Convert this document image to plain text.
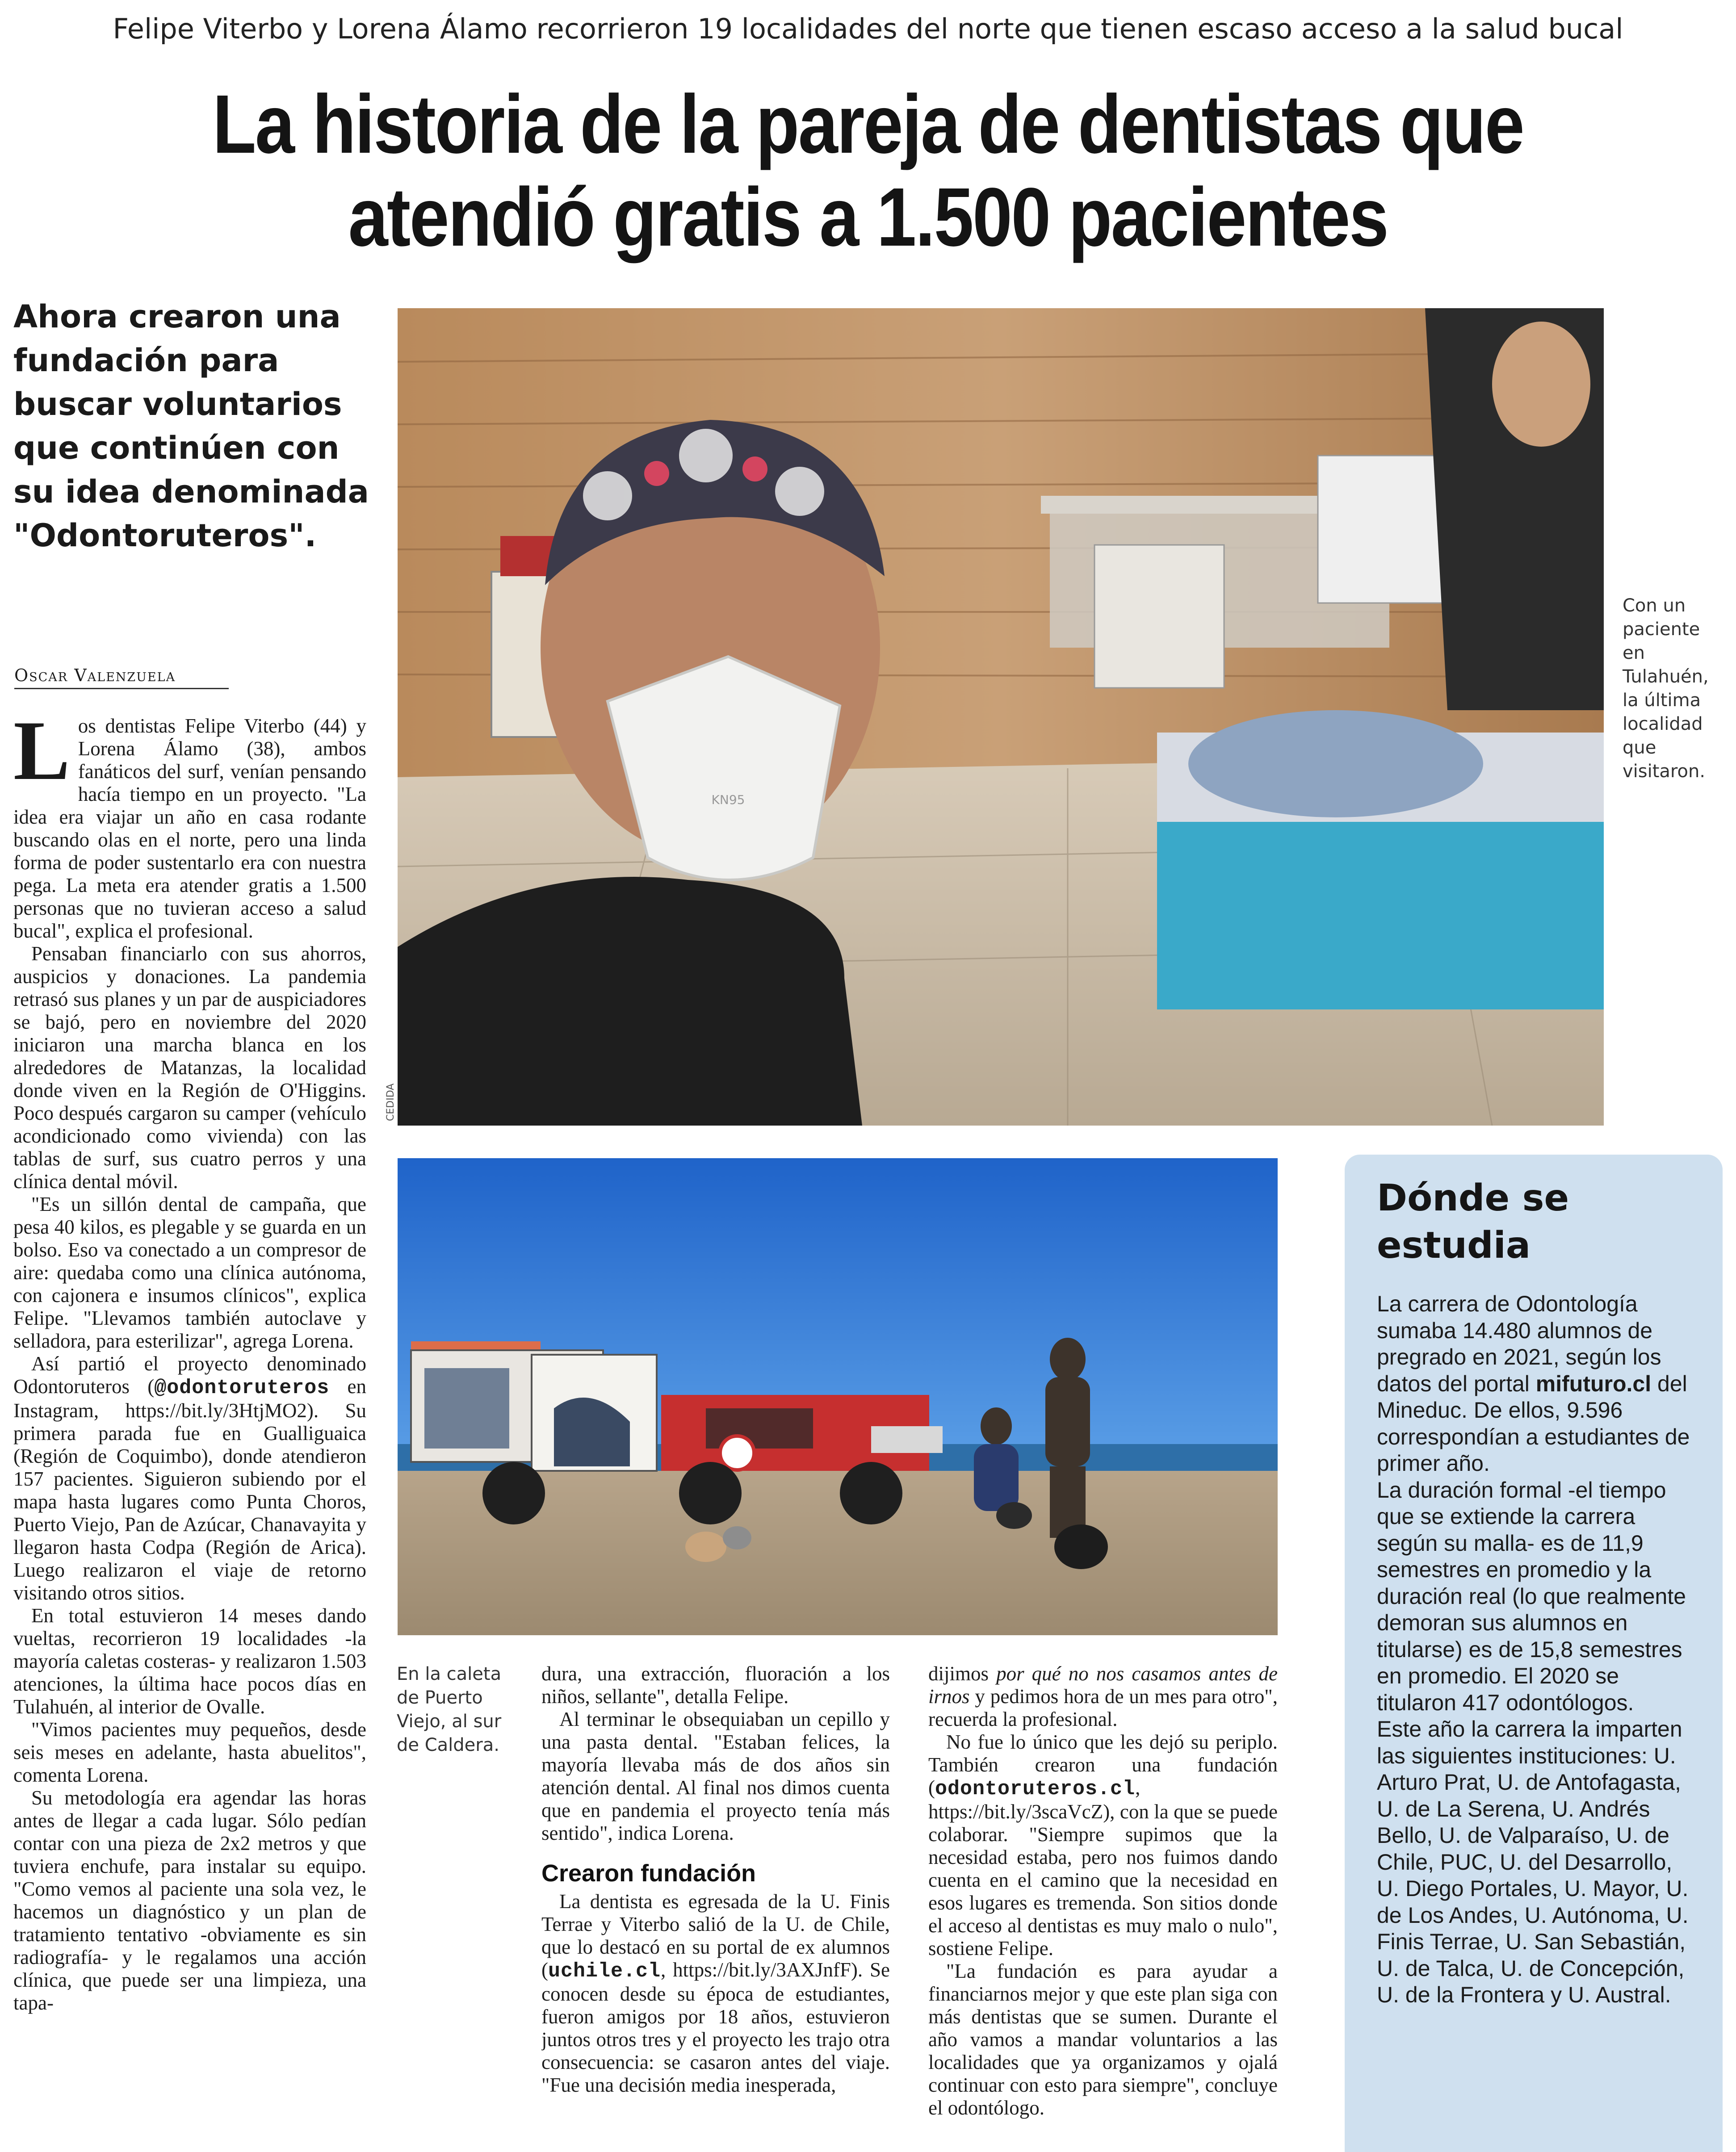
Felipe Viterbo y Lorena Álamo recorrieron 19 localidades del norte que tienen escaso acceso a la salud bucal
La historia de la pareja de dentistas que
atendió gratis a 1.500 pacientes
Ahora crearon una fundación para buscar voluntarios que continúen con su idea denominada "Odontoruteros".
Oscar Valenzuela
KN95
CEDIDA
Con un paciente en Tulahuén, la última localidad que visitaron.
En la caleta de Puerto Viejo, al sur de Caldera.

Los dentistas Felipe Viterbo (44) y Lorena Álamo (38), ambos fanáticos del surf, venían pensando hacía tiempo en un proyecto. "La idea era viajar un año en casa rodante buscando olas en el norte, pero una linda forma de poder sustentarlo era con nuestra pega. La meta era atender gratis a 1.500 personas que no tuvieran acceso a salud bucal", explica el profesional.

Pensaban financiarlo con sus ahorros, auspicios y donaciones. La pandemia retrasó sus planes y un par de auspiciadores se bajó, pero en noviembre del 2020 iniciaron una marcha blanca en los alrededores de Matanzas, la localidad donde viven en la Región de O'Higgins. Poco después cargaron su camper (vehículo acondicionado como vivienda) con las tablas de surf, sus cuatro perros y una clínica dental móvil.

"Es un sillón dental de campaña, que pesa 40 kilos, es plegable y se guarda en un bolso. Eso va conectado a un compresor de aire: quedaba como una clínica autónoma, con cajonera e insumos clínicos", explica Felipe. "Llevamos también autoclave y selladora, para esterilizar", agrega Lorena.

Así partió el proyecto denominado Odontoruteros (@odontoruteros en Instagram, https://bit.ly/3HtjMO2). Su primera parada fue en Gualliguaica (Región de Coquimbo), donde atendieron 157 pacientes. Siguieron subiendo por el mapa hasta lugares como Punta Choros, Puerto Viejo, Pan de Azúcar, Chanavayita y llegaron hasta Codpa (Región de Arica). Luego realizaron el viaje de retorno visitando otros sitios.

En total estuvieron 14 meses dando vueltas, recorrieron 19 localidades -la mayoría caletas costeras- y realizaron 1.503 atenciones, la última hace pocos días en Tulahuén, al interior de Ovalle.

"Vimos pacientes muy pequeños, desde seis meses en adelante, hasta abuelitos", comenta Lorena.

Su metodología era agendar las horas antes de llegar a cada lugar. Sólo pedían contar con una pieza de 2x2 metros y que tuviera enchufe, para instalar su equipo. "Como vemos al paciente una sola vez, le hacemos un diagnóstico y un plan de tratamiento tentativo -obviamente es sin radiografía- y le regalamos una acción clínica, que puede ser una limpieza, una tapa-

dura, una extracción, fluoración a los niños, sellante", detalla Felipe.

Al terminar le obsequiaban un cepillo y una pasta dental. "Estaban felices, la mayoría llevaba más de dos años sin atención dental. Al final nos dimos cuenta que en pandemia el proyecto tenía más sentido", indica Lorena.

Crearon fundación

La dentista es egresada de la U. Finis Terrae y Viterbo salió de la U. de Chile, que lo destacó en su portal de ex alumnos (uchile.cl, https://bit.ly/3AXJnfF). Se conocen desde su época de estudiantes, fueron amigos por 18 años, estuvieron juntos otros tres y el proyecto les trajo otra consecuencia: se casaron antes del viaje. "Fue una decisión media inesperada,

dijimos por qué no nos casamos antes de irnos y pedimos hora de un mes para otro", recuerda la profesional.

No fue lo único que les dejó su periplo. También crearon una fundación (odontoruteros.cl, https://bit.ly/3scaVcZ), con la que se puede colaborar. "Siempre supimos que la necesidad estaba, pero nos fuimos dando cuenta en el camino que la necesidad en esos lugares es tremenda. Son sitios donde el acceso al dentistas es muy malo o nulo", sostiene Felipe.

"La fundación es para ayudar a financiarnos mejor y que este plan siga con más dentistas que se sumen. Durante el año vamos a mandar voluntarios a las localidades que ya organizamos y ojalá continuar con esto para siempre", concluye el odontólogo.

Dónde se estudia

La carrera de Odontología sumaba 14.480 alumnos de pregrado en 2021, según los datos del portal mifuturo.cl del Mineduc. De ellos, 9.596 correspondían a estudiantes de primer año.

La duración formal -el tiempo que se extiende la carrera según su malla- es de 11,9 semestres en promedio y la duración real (lo que realmente demoran sus alumnos en titularse) es de 15,8 semestres en promedio. El 2020 se titularon 417 odontólogos.

Este año la carrera la imparten las siguientes instituciones: U. Arturo Prat, U. de Antofagasta, U. de La Serena, U. Andrés Bello, U. de Valparaíso, U. de Chile, PUC, U. del Desarrollo, U. Diego Portales, U. Mayor, U. de Los Andes, U. Autónoma, U. Finis Terrae, U. San Sebastián, U. de Talca, U. de Concepción, U. de la Frontera y U. Austral.
